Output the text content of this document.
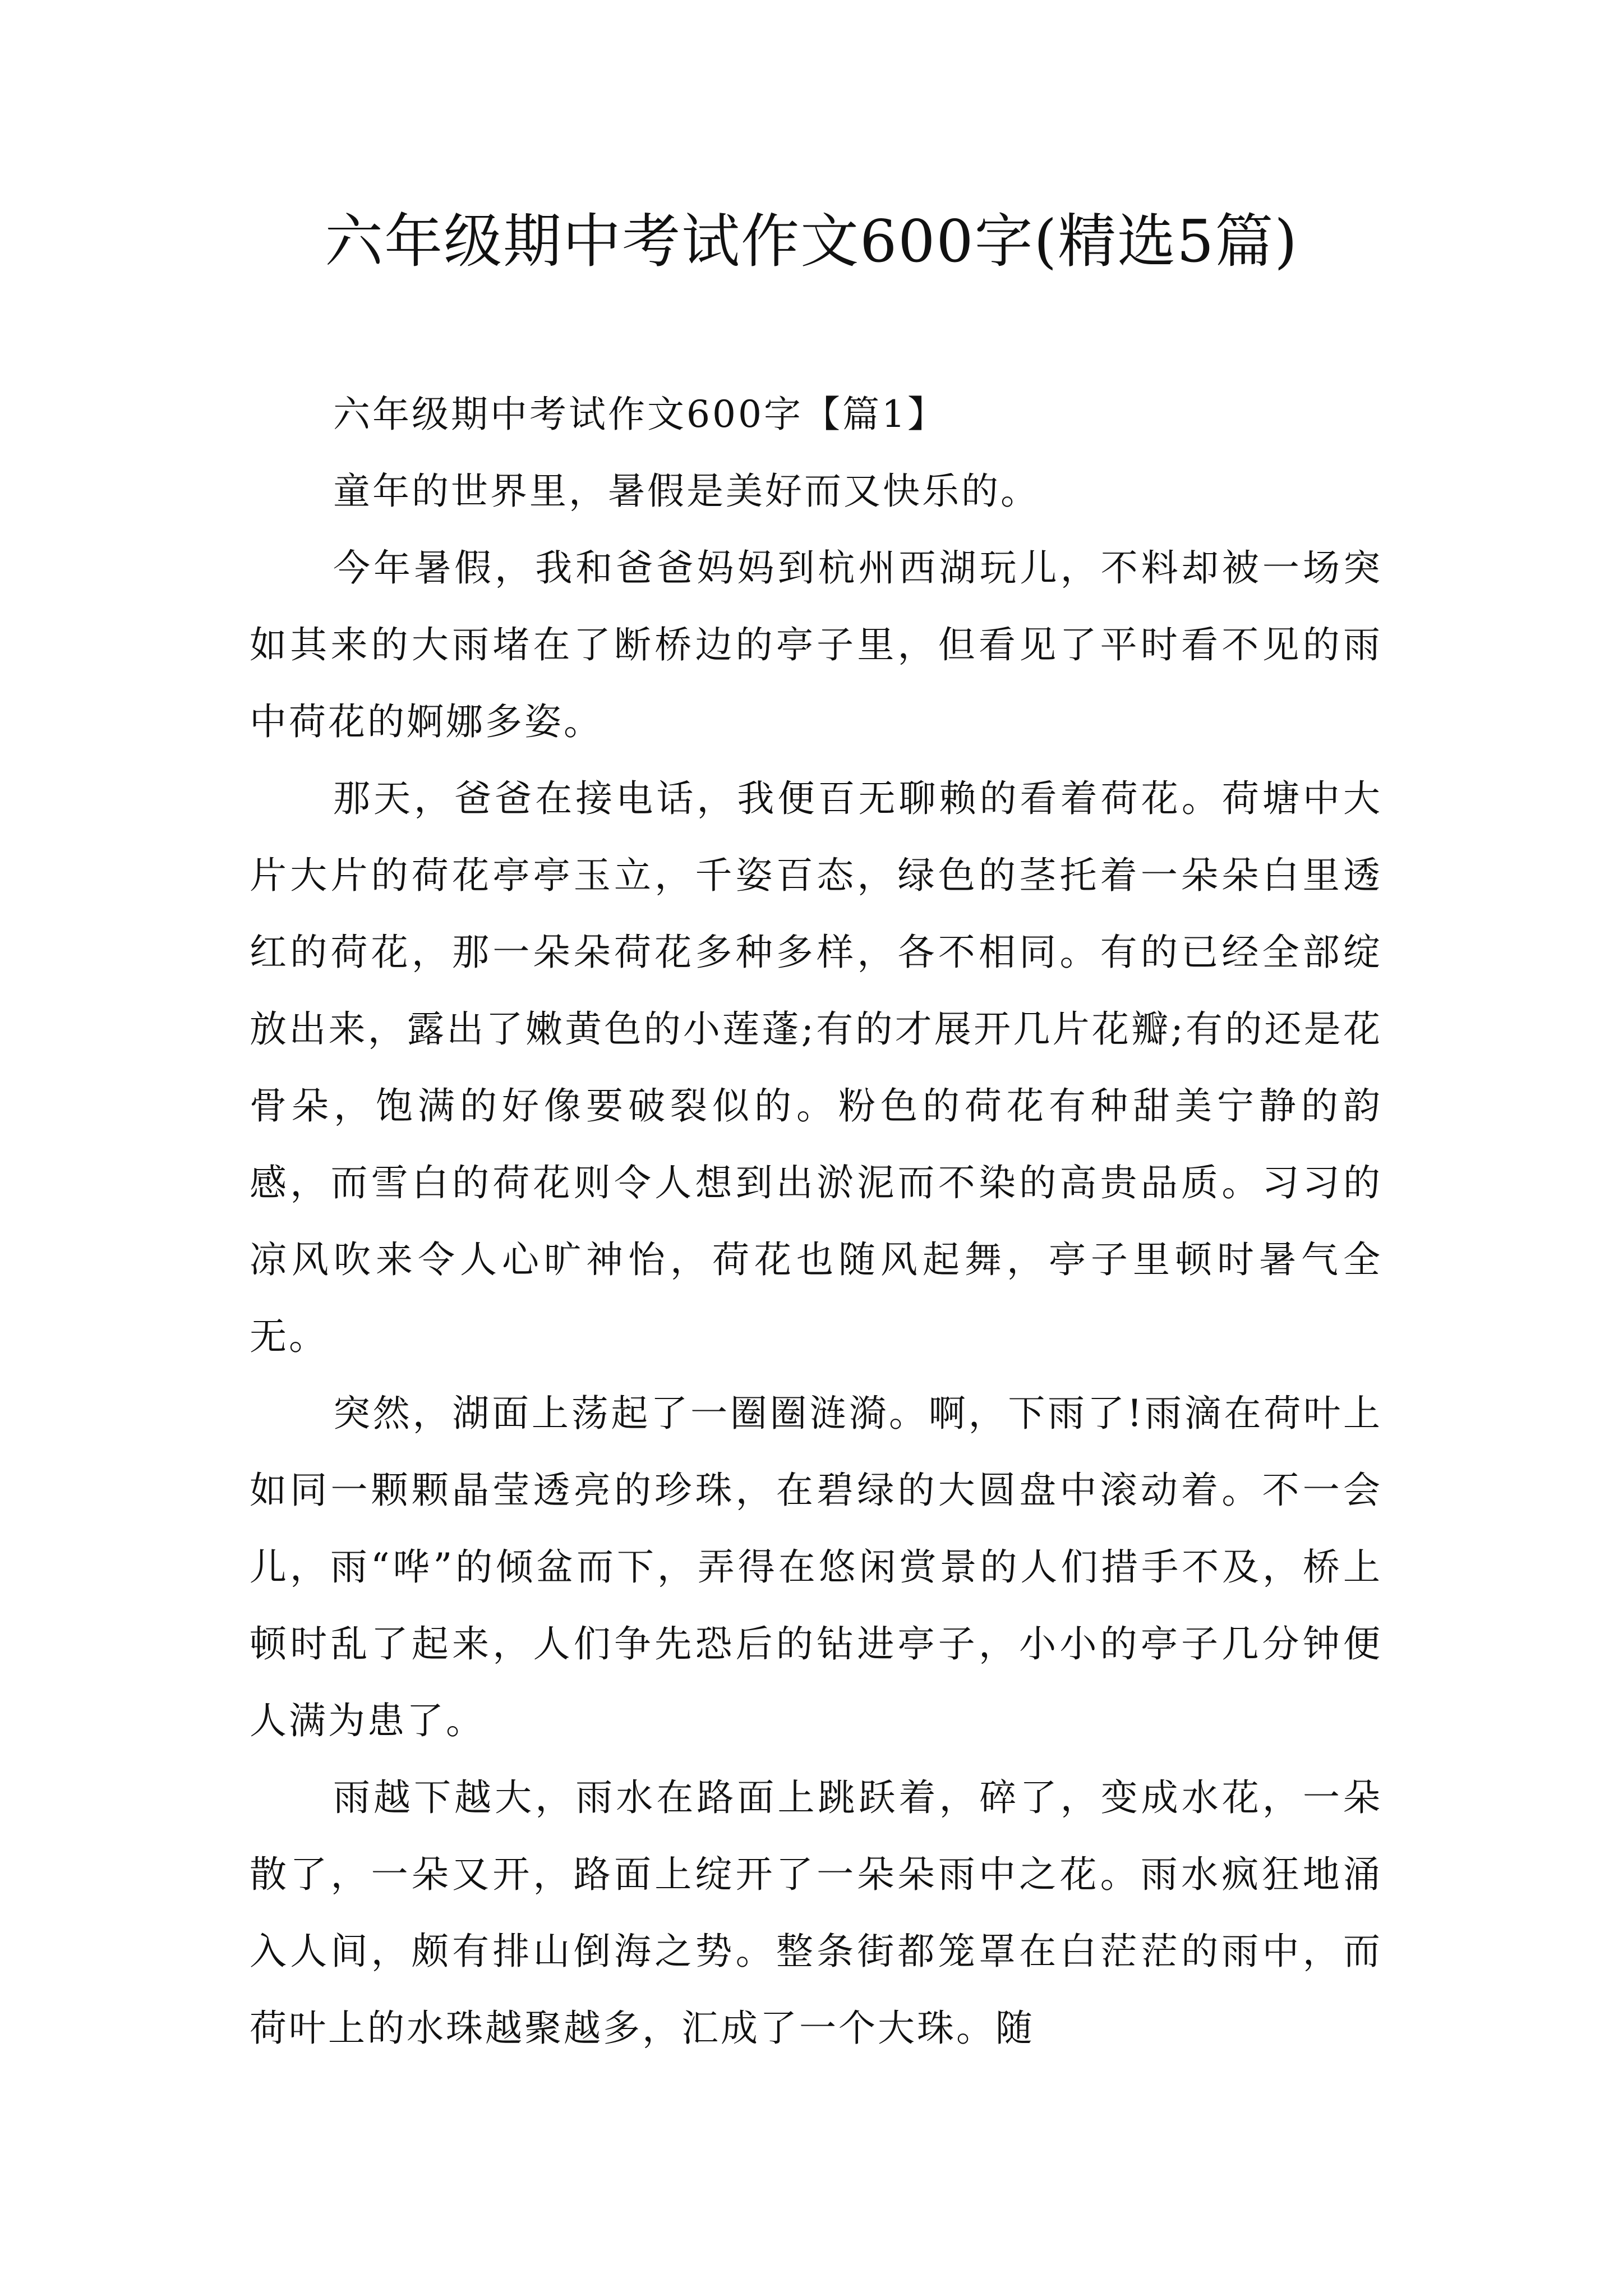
六年级期中考试作文600字(精选5篇)

六年级期中考试作文600字【篇1】

童年的世界里，暑假是美好而又快乐的。

今年暑假，我和爸爸妈妈到杭州西湖玩儿，不料却被一场突如其来的大雨堵在了断桥边的亭子里，但看见了平时看不见的雨中荷花的婀娜多姿。

那天，爸爸在接电话，我便百无聊赖的看着荷花。荷塘中大片大片的荷花亭亭玉立，千姿百态，绿色的茎托着一朵朵白里透红的荷花，那一朵朵荷花多种多样，各不相同。有的已经全部绽放出来，露出了嫩黄色的小莲蓬;有的才展开几片花瓣;有的还是花骨朵，饱满的好像要破裂似的。粉色的荷花有种甜美宁静的韵感，而雪白的荷花则令人想到出淤泥而不染的高贵品质。习习的凉风吹来令人心旷神怡，荷花也随风起舞，亭子里顿时暑气全无。

突然，湖面上荡起了一圈圈涟漪。啊，下雨了!雨滴在荷叶上如同一颗颗晶莹透亮的珍珠，在碧绿的大圆盘中滚动着。不一会儿，雨“哗”的倾盆而下，弄得在悠闲赏景的人们措手不及，桥上顿时乱了起来，人们争先恐后的钻进亭子，小小的亭子几分钟便人满为患了。

雨越下越大，雨水在路面上跳跃着，碎了，变成水花，一朵散了，一朵又开，路面上绽开了一朵朵雨中之花。雨水疯狂地涌入人间，颇有排山倒海之势。整条街都笼罩在白茫茫的雨中，而荷叶上的水珠越聚越多，汇成了一个大珠。随
